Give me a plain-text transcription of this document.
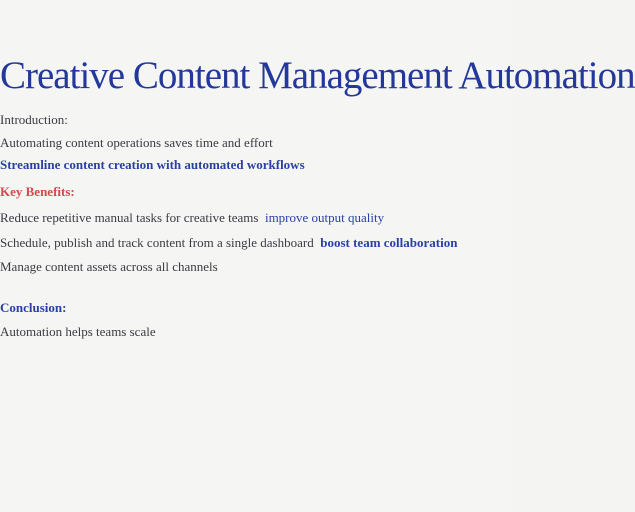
Creative Content Management Automation
Introduction:
Automating content operations saves time and effort
Streamline content creation with automated workflows
Key Benefits:
Reduce repetitive manual tasks for creative teams  improve output quality
Schedule, publish and track content from a single dashboard  boost team collaboration
Manage content assets across all channels
Conclusion:
Automation helps teams scale
